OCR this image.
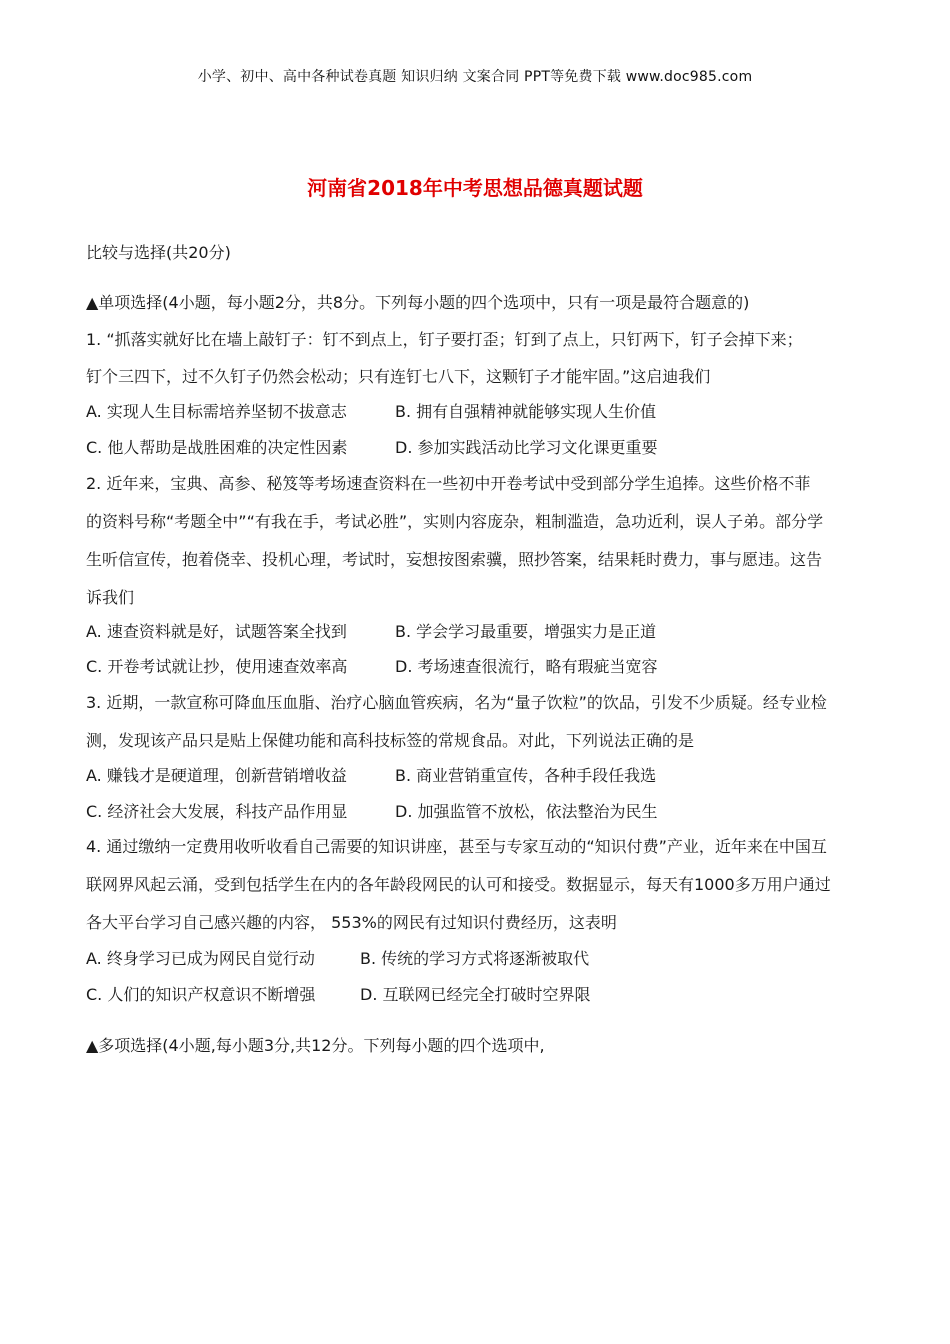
小学、初中、高中各种试卷真题 知识归纳 文案合同 PPT等免费下载 www.doc985.com
河南省2018年中考思想品德真题试题
比较与选择(共20分)
▲单项选择(4小题，每小题2分，共8分。下列每小题的四个选项中，只有一项是最符合题意的)
1. “抓落实就好比在墙上敲钉子：钉不到点上，钉子要打歪；钉到了点上，只钉两下，钉子会掉下来；
钉个三四下，过不久钉子仍然会松动；只有连钉七八下，这颗钉子才能牢固。”这启迪我们
A. 实现人生目标需培养坚韧不拔意志	B. 拥有自强精神就能够实现人生价值
C. 他人帮助是战胜困难的决定性因素	D. 参加实践活动比学习文化课更重要
2. 近年来，宝典、高参、秘笈等考场速查资料在一些初中开卷考试中受到部分学生追捧。这些价格不菲
的资料号称“考题全中”“有我在手，考试必胜”，实则内容庞杂，粗制滥造，急功近利，误人子弟。部分学
生听信宣传，抱着侥幸、投机心理，考试时，妄想按图索骥，照抄答案，结果耗时费力，事与愿违。这告
诉我们
A. 速查资料就是好，试题答案全找到	B. 学会学习最重要，增强实力是正道
C. 开卷考试就让抄，使用速查效率高	D. 考场速查很流行，略有瑕疵当宽容
3. 近期，一款宣称可降血压血脂、治疗心脑血管疾病，名为“量子饮粒”的饮品，引发不少质疑。经专业检
测，发现该产品只是贴上保健功能和高科技标签的常规食品。对此，下列说法正确的是
A. 赚钱才是硬道理，创新营销增收益	B. 商业营销重宣传，各种手段任我选
C. 经济社会大发展，科技产品作用显	D. 加强监管不放松，依法整治为民生
4. 通过缴纳一定费用收听收看自己需要的知识讲座，甚至与专家互动的“知识付费”产业，近年来在中国互
联网界风起云涌，受到包括学生在内的各年龄段网民的认可和接受。数据显示，每天有1000多万用户通过
各大平台学习自己感兴趣的内容， 553%的网民有过知识付费经历，这表明
A. 终身学习已成为网民自觉行动	B. 传统的学习方式将逐渐被取代
C. 人们的知识产权意识不断增强	D. 互联网已经完全打破时空界限
▲多项选择(4小题,每小题3分,共12分。下列每小题的四个选项中,
